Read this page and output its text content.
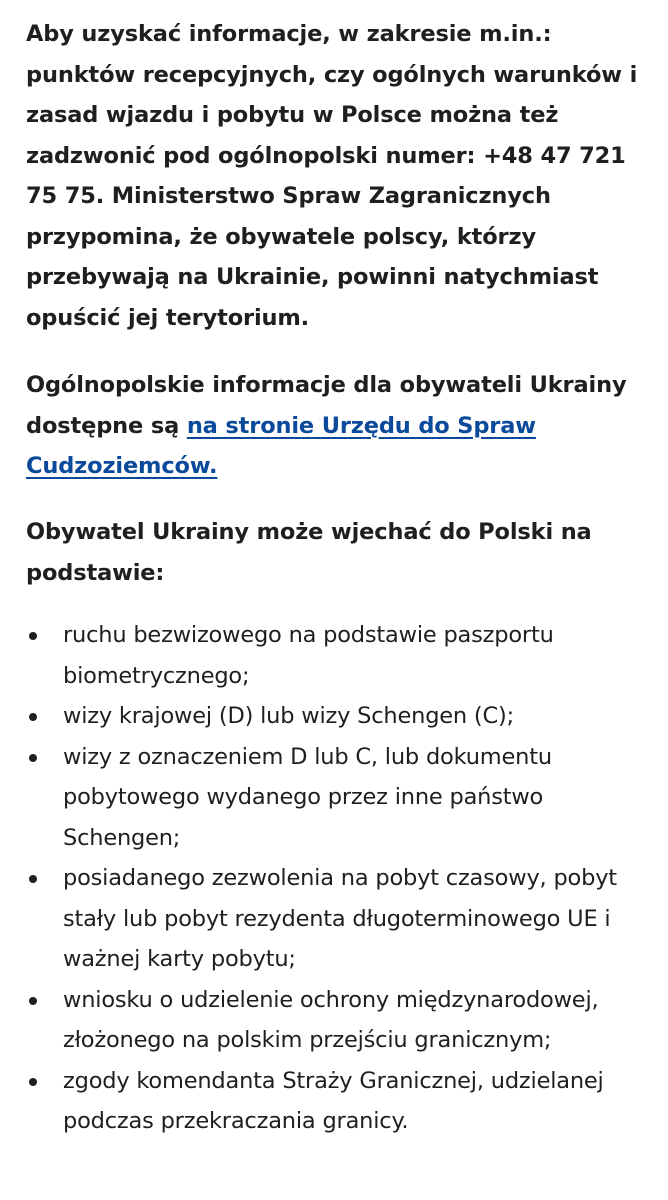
Aby uzyskać informacje, w zakresie m.in.: punktów recepcyjnych, czy ogólnych warunków i zasad wjazdu i pobytu w Polsce można też zadzwonić pod ogólnopolski numer: +48 47 721 75 75. Ministerstwo Spraw Zagranicznych przypomina, że obywatele polscy, którzy przebywają na Ukrainie, powinni natychmiast opuścić jej terytorium.

Ogólnopolskie informacje dla obywateli Ukrainy dostępne są na stronie Urzędu do Spraw Cudzoziemców.

Obywatel Ukrainy może wjechać do Polski na podstawie:

ruchu bezwizowego na podstawie paszportu biometrycznego;
wizy krajowej (D) lub wizy Schengen (C);
wizy z oznaczeniem D lub C, lub dokumentu pobytowego wydanego przez inne państwo Schengen;
posiadanego zezwolenia na pobyt czasowy, pobyt stały lub pobyt rezydenta długoterminowego UE i ważnej karty pobytu;
wniosku o udzielenie ochrony międzynarodowej, złożonego na polskim przejściu granicznym;
zgody komendanta Straży Granicznej, udzielanej podczas przekraczania granicy.
